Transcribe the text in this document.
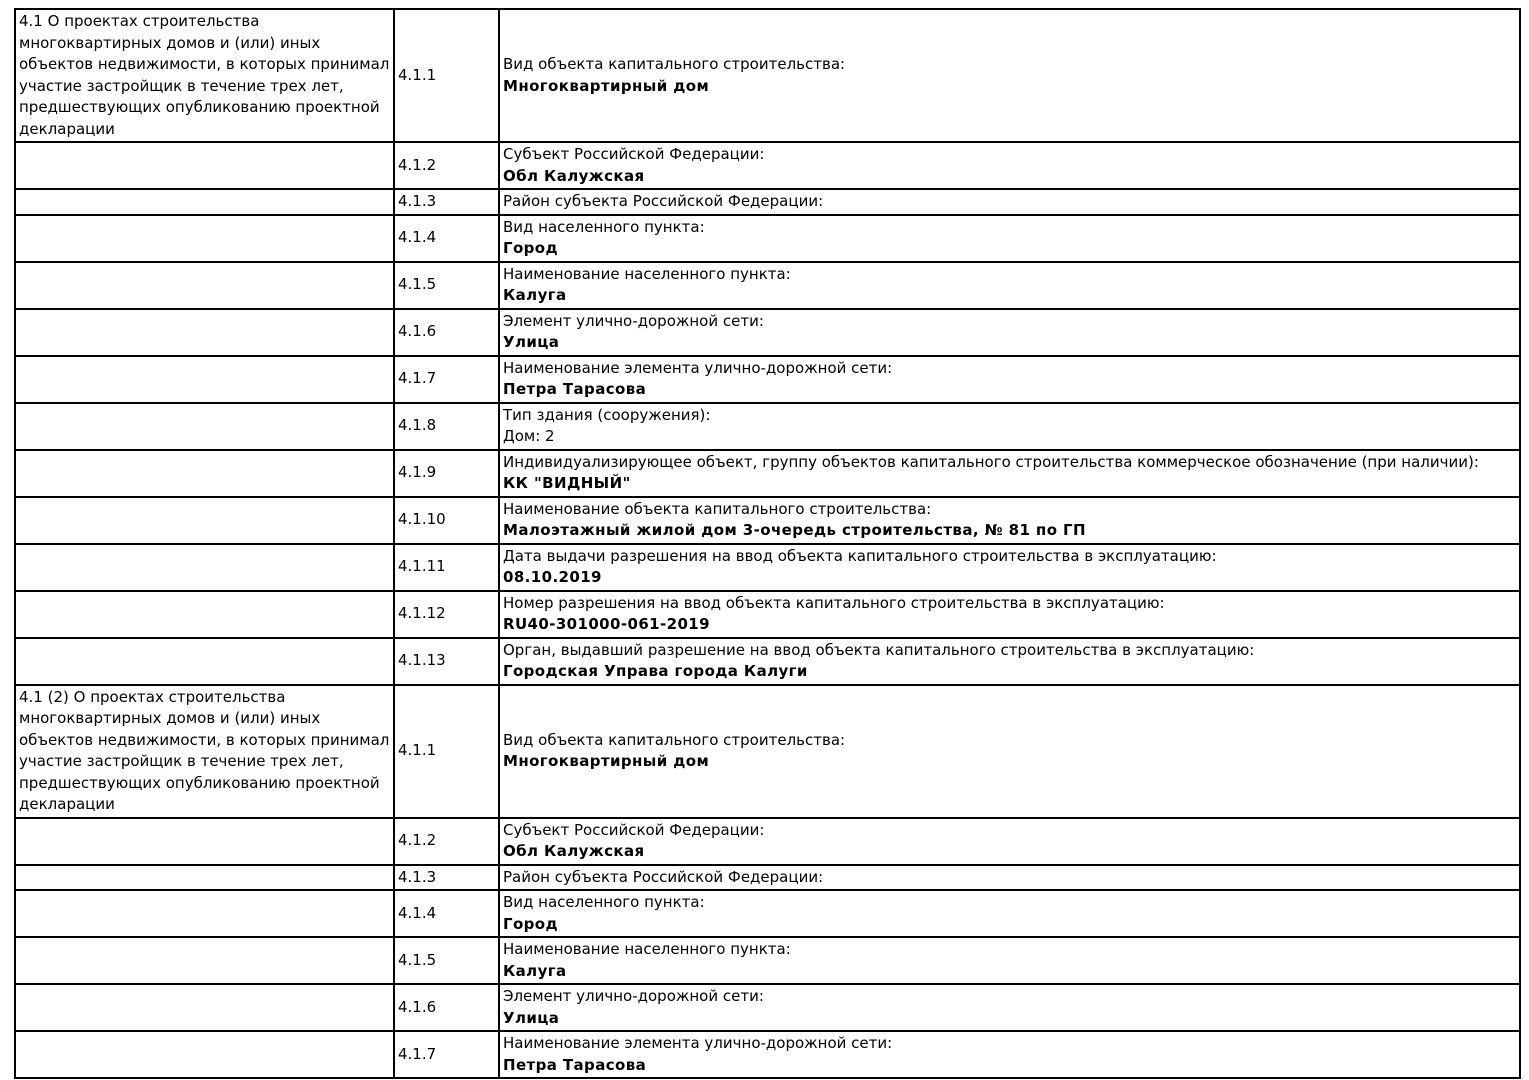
4.1 О проектах строительства многоквартирных домов и (или) иных объектов недвижимости, в которых принимал участие застройщик в течение трех лет, предшествующих опубликованию проектной декларации	4.1.1	Вид объекта капитального строительства:
Многоквартирный дом

	4.1.2	Субъект Российской Федерации:
Обл Калужская

	4.1.3	Район субъекта Российской Федерации:

	4.1.4	Вид населенного пункта:
Город

	4.1.5	Наименование населенного пункта:
Калуга

	4.1.6	Элемент улично-дорожной сети:
Улица

	4.1.7	Наименование элемента улично-дорожной сети:
Петра Тарасова

	4.1.8	Тип здания (сооружения):
Дом: 2

	4.1.9	Индивидуализирующее объект, группу объектов капитального строительства коммерческое обозначение (при наличии):
КК "ВИДНЫЙ"

	4.1.10	Наименование объекта капитального строительства:
Малоэтажный жилой дом 3-очередь строительства, № 81 по ГП

	4.1.11	Дата выдачи разрешения на ввод объекта капитального строительства в эксплуатацию:
08.10.2019

	4.1.12	Номер разрешения на ввод объекта капитального строительства в эксплуатацию:
RU40-301000-061-2019

	4.1.13	Орган, выдавший разрешение на ввод объекта капитального строительства в эксплуатацию:
Городская Управа города Калуги

4.1 (2) О проектах строительства многоквартирных домов и (или) иных объектов недвижимости, в которых принимал участие застройщик в течение трех лет, предшествующих опубликованию проектной декларации	4.1.1	Вид объекта капитального строительства:
Многоквартирный дом

	4.1.2	Субъект Российской Федерации:
Обл Калужская

	4.1.3	Район субъекта Российской Федерации:

	4.1.4	Вид населенного пункта:
Город

	4.1.5	Наименование населенного пункта:
Калуга

	4.1.6	Элемент улично-дорожной сети:
Улица

	4.1.7	Наименование элемента улично-дорожной сети:
Петра Тарасова
